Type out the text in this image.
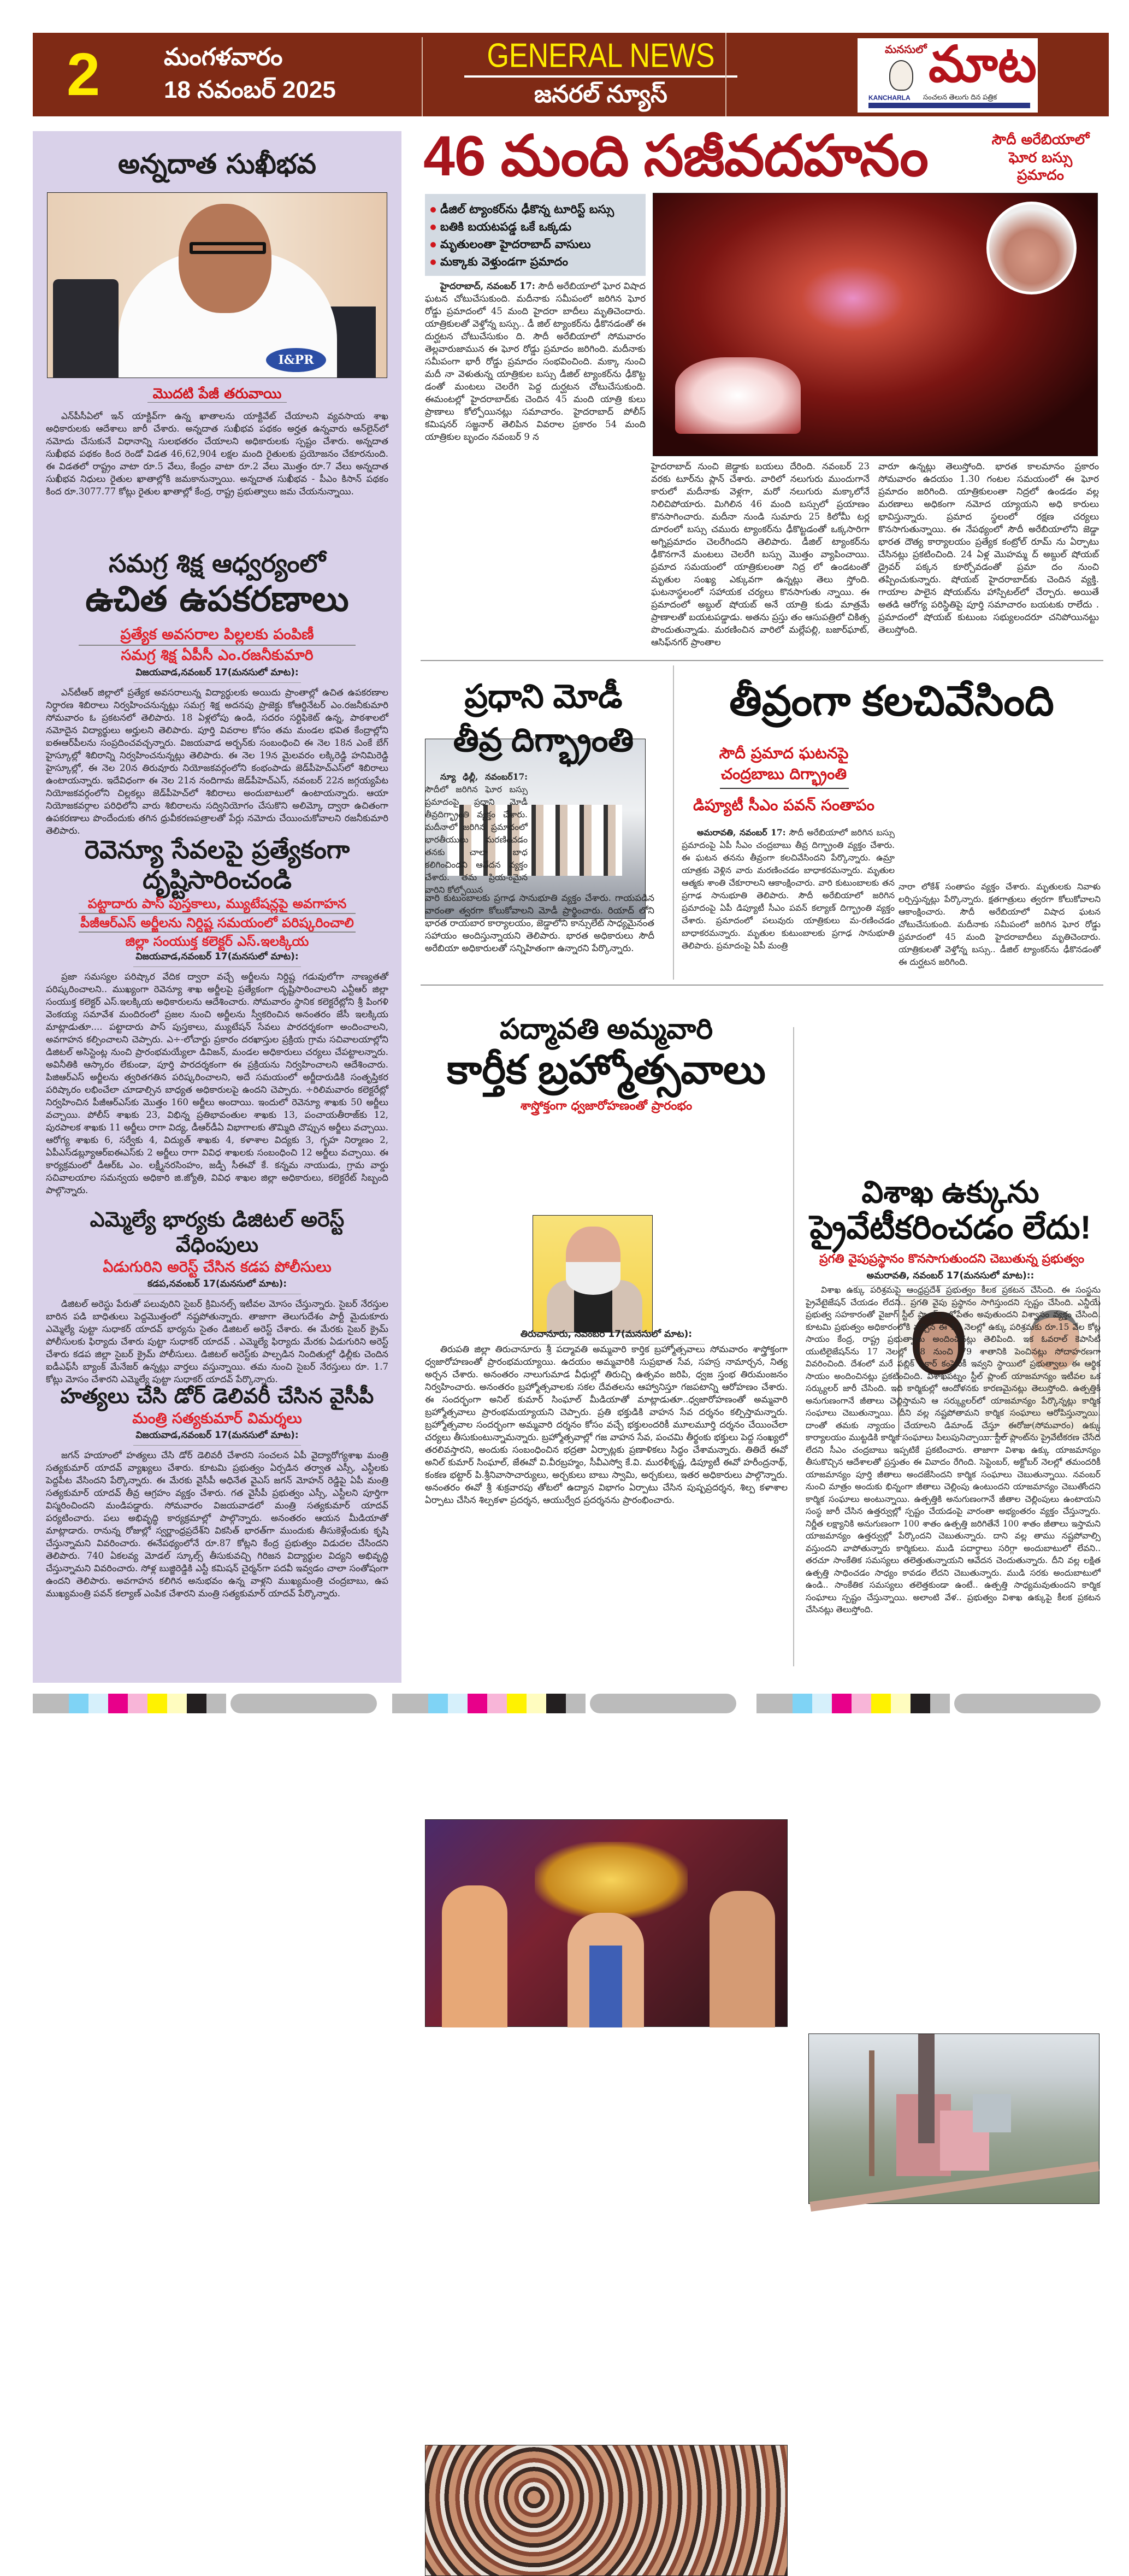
2	మంగళవారం
18 నవంబర్ 2025
GENERAL NEWS
జనరల్ న్యూస్
మనసులో మాట
KANCHARLA సంచలన తెలుగు దిన పత్రిక
అన్నదాత సుఖీభవ
I&PR
మొదటి పేజీ తరువాయి

ఎన్‌పీసీఏలో ఇన్ యాక్టివ్‌గా ఉన్న ఖాతాలను యాక్టివేట్ చేయాలని వ్యవసాయ శాఖ అధికారులకు ఆదేశాలు జారీ చేశారు. అన్నదాత సుఖీభవ పథకం అర్హత ఉన్నవారు ఆన్‌లైన్‌లో నమోదు చేసుకునే విధానాన్ని సులభతరం చేయాలని అధికారులకు స్పష్టం చేశారు. అన్నదాత సుఖీభవ పథకం కింద రెండో విడత 46,62,904 లక్షల మంది రైతులకు ప్రయోజనం చేకూరనుంది. ఈ విడతలో రాష్ట్రం వాటా రూ.5 వేలు, కేంద్రం వాటా రూ.2 వేలు మొత్తం రూ.7 వేలు అన్నదాత సుఖీభవ నిధులు రైతుల ఖాతాల్లోకి జమకానున్నాయి. అన్నదాత సుఖీభవ - పీఎం కిసాన్ పథకం కింద రూ.3077.77 కోట్లు రైతుల ఖాతాల్లో కేంద్ర, రాష్ట్ర ప్రభుత్వాలు జమ చేయనున్నాయి.

సమగ్ర శిక్ష ఆధ్వర్యంలో
ఉచిత ఉపకరణాలు
ప్రత్యేక అవసరాల పిల్లలకు పంపిణీ
సమగ్ర శిక్ష ఏపీసీ ఎం.రజనీకుమారి
విజయవాడ,నవంబర్ 17(మనసులో మాట):

ఎన్‌టీఆర్ జిల్లాలో ప్రత్యేక అవసరాలున్న విద్యార్థులకు అయిదు ప్రాంతాల్లో ఉచిత ఉపకరణాల నిర్ధారణ శిబిరాలు నిర్వహించనున్నట్లు సమగ్ర శిక్ష అదనపు ప్రాజెక్టు కోఆర్డినేటర్ ఎం.రజనీకుమారి సోమవారం ఓ ప్రకటనలో తెలిపారు. 18 ఏళ్లలోపు ఉండి, సదరం సర్టిఫికెట్ ఉన్న, పాఠశాలలో నమోదైన విద్యార్థులు అర్హులని తెలిపారు. పూర్తి వివరాల కోసం తమ మండల భవిత కేంద్రాల్లోని ఐఈఆర్‌పీలను సంప్రదించవచ్చన్నారు. విజయవాడ అర్బన్‌కు సంబంధించి ఈ నెల 18న ఎంకే బేగ్ హైస్కూల్లో శిబిరాన్ని నిర్వహించనున్నట్లు తెలిపారు. ఈ నెల 19న మైలవరం లక్కిరెడ్డి హనిమిరెడ్డి హైస్కూల్లో, ఈ నెల 20న తిరువూరు నియోజకవర్గంలోని కంభంపాడు జెడ్‌పీహెచ్‌ఎస్‌లో శిబిరాలు ఉంటాయన్నారు. ఇదేవిధంగా ఈ నెల 21న నందిగామ జెడ్‌పీహెచ్‌ఎస్, నవంబర్ 22న జగ్గయ్యపేట నియోజకవర్గంలోని చిల్లకల్లు జెడ్‌పీహెచ్‌లో శిబిరాలు అందుబాటులో ఉంటాయన్నారు. ఆయా నియోజకవర్గాల పరిధిలోని వారు శిబిరాలను సద్వినియోగం చేసుకొని అలిమ్కో ద్వారా ఉచితంగా ఉపకరణాలు పొందేందుకు తగిన ధ్రువీకరణపత్రాలతో పేర్లు నమోదు చేయించుకోవాలని రజనీకుమారి తెలిపారు.

రెవెన్యూ సేవలపై ప్రత్యేకంగా
దృష్టిసారించండి
పట్టాదారు పాస్ పుస్తకాలు, మ్యుటేషన్లపై అవగాహన
పీజీఆర్ఎస్ అర్జీలను నిర్దిష్ట సమయంలో పరిష్కరించాలి
జిల్లా సంయుక్త కలెక్టర్ ఎస్.ఇలక్కియ
విజయవాడ,నవంబర్ 17(మనసులో మాట):

ప్రజా సమస్యల పరిష్కార వేదిక ద్వారా వచ్చే అర్జీలను నిర్దిష్ట గడువులోగా నాణ్యతతో పరిష్కరించాలని.. ముఖ్యంగా రెవెన్యూ శాఖ అర్జీలపై ప్రత్యేకంగా దృష్టిసారించాలని ఎన్టీఆర్ జిల్లా సంయుక్త కలెక్టర్ ఎస్.ఇలక్కియ అధికారులను ఆదేశించారు. సోమవారం స్థానిక కలెక్టరేట్లోని శ్రీ పింగళి వెంకయ్య సమావేశ మందిరంలో ప్రజల నుంచి అర్జీలను స్వీకరించిన అనంతరం జేసీ ఇలక్కియ మాట్లాడుతూ.... పట్టాదారు పాస్ పుస్తకాలు, మ్యుటేషన్ సేవలు పారదర్శకంగా అందించాలని, అవగాహన కల్పించాలని చెప్పారు. ఎ÷-లోచార్టు ప్రకారం దరఖాస్తుల ప్రక్రియ గ్రామ సచివాలయాల్లోని డిజిటల్ అసిస్టెంట్ల నుంచి ప్రారంభమయ్యేలా డివిజన్, మండల అధికారులు చర్యలు చేపట్టాలన్నారు. అవినీతికి ఆస్కారం లేకుండా, పూర్తి పారదర్శకంగా ఈ ప్రక్రియను నిర్వహించాలని ఆదేశించారు. పిజిఆర్ఎస్ అర్జీలను త్వరితగతిన పరిష్కరించాలని, అదే సమయంలో అర్జీదారుడికి సంతృప్తికర పరిష్కారం లభించేలా చూడాల్సిన బాధ్యత అధికారులపై ఉందని చెప్పారు. ÷రిలిమవారం కలెక్టరేట్లో నిర్వహించిన పీజీఆర్ఎస్‌కు మొత్తం 160 అర్జీలు అందాయి. ఇందులో రెవెన్యూ శాఖకు 50 అర్జీలు వచ్చాయి. పోలీస్ శాఖకు 23, విభిన్న ప్రతిభావంతుల శాఖకు 13, పంచాయతీరాజ్‌కు 12, పురపాలక శాఖకు 11 అర్జీలు రాగా విద్య, డీఆర్‌డీఏ విభాగాలకు తొమ్మిది చొప్పున అర్జీలు వచ్చాయి. ఆరోగ్య శాఖకు 6, సర్వేకు 4, విద్యుత్ శాఖకు 4, కళాశాల విద్యకు 3, గృహ నిర్మాణం 2, ఏపీఎస్‌డబ్ల్యూఆర్‌ఐఈఎస్‌కు 2 అర్జీలు రాగా వివిధ శాఖలకు సంబంధించి 12 అర్జీలు వచ్చాయి. ఈ కార్యక్రమంలో డీఆర్ఓ ఎం. లక్ష్మీనరసింహం, జడ్పీ సీఈవో కే. కన్నమ నాయుడు, గ్రామ వార్డు సచివాలయాల సమన్వయ అధికారి జి.జ్యోతి, వివిధ శాఖల జిల్లా అధికారులు, కలెక్టరేట్ సిబ్బంది పాల్గొన్నారు.

ఎమ్మెల్యే భార్యకు డిజిటల్ అరెస్ట్ వేధింపులు
ఏడుగురిని అరెస్ట్ చేసిన కడప పోలీసులు
కడప,నవంబర్ 17(మనసులో మాట):

డిజిటల్ అరెస్టు పేరుతో పలువురిని సైబర్ క్రిమినల్స్ ఇటీవల మోసం చేస్తున్నారు. సైబర్ నేరస్తుల బారిన పడి బాధితులు పెద్దమొత్తంలో నష్టపోతున్నారు. తాజాగా తెలుగుదేశం పార్టీ మైదుకూరు ఎమ్మెల్యే పుట్టా సుధాకర్ యాదవ్ భార్యను సైతం డిజిటల్ అరెస్ట్ చేశారు. ఈ మేరకు సైబర్ క్రైమ్ పోలీసులకు ఫిర్యాదు చేశారు పుట్టా సుధాకర్ యాదవ్ . ఎమ్మెల్యే ఫిర్యాదు మేరకు ఏడుగురిని అరెస్ట్ చేశారు కడప జిల్లా సైబర్ క్రైమ్ పోలీసులు. డిజిటల్ అరెస్ట్‌కు పాల్పడిన నిందితుల్లో ఢిల్లీకు చెందిన ఐడీఎఫ్‌సీ బ్యాంక్ మేనేజర్ ఉన్నట్లు వార్తలు వస్తున్నాయి. తమ నుంచి సైబర్ నేరస్తులు రూ. 1.7 కోట్లు మోసం చేశారని ఎమ్మెల్యే పుట్టా సుధాకర్ యాదవ్ పేర్కొన్నారు.

హత్యలు చేసి డోర్ డెలివరీ చేసిన వైసీపీ
మంత్రి సత్యకుమార్ విమర్శలు
విజయవాడ,నవంబర్ 17(మనసులో మాట):

జగన్ హయాంలో హత్యలు చేసి డోర్ డెలివరీ చేశారని సంచలన ఏపీ వైద్యారోగ్యశాఖ మంత్రి సత్యకుమార్ యాదవ్ వ్యాఖ్యలు చేశారు. కూటమి ప్రభుత్వం ఏర్పడిన తర్వాత ఎస్సీ, ఎస్టీలకు పెద్దపీట వేసిందని పేర్కొన్నారు. ఈ మేరకు వైసీపీ అధినేత వైఎస్ జగన్ మోహన్ రెడ్డిపై ఏపీ మంత్రి సత్యకుమార్ యాదవ్ తీవ్ర ఆగ్రహం వ్యక్తం చేశారు. గత వైసీపీ ప్రభుత్వం ఎస్సీ, ఎస్టీలని పూర్తిగా విస్మరించిందని మండిపడ్డారు. సోమవారం విజయవాడలో మంత్రి సత్యకుమార్ యాదవ్ పర్యటించారు. పలు అభివృద్ధి కార్యక్రమాల్లో పాల్గొన్నారు. అనంతరం ఆయన మీడియాతో మాట్లాడారు. రానున్న రోజుల్లో స్వర్ణాంధ్రప్రదేశ్‌ని వికసిత్ భారత్‌గా ముందుకు తీసుకెళ్లేందుకు కృషి చేస్తున్నామని వివరించారు. ఈనేపథ్యంలోనే రూ.87 కోట్లని కేంద్ర ప్రభుత్వం విడుదల చేసిందని తెలిపారు. 740 ఏకలవ్య మోడల్ స్కూల్స్ తీసుకువచ్చి గిరిజన విద్యార్థుల విద్యని అభివృద్ధి చేస్తున్నామని వివరించారు. సోళ్ల బుజ్జిరెడ్డికి ఎస్టీ కమిషన్ చైర్మన్‌గా పదవీ ఇవ్వడం చాలా సంతోషంగా ఉందని తెలిపారు. అవగాహన కలిగిన అనుభవం ఉన్న వాళ్లని ముఖ్యమంత్రి చంద్రబాబు, ఉప ముఖ్యమంత్రి పవన్ కల్యాణ్ ఎంపిక చేశారని మంత్రి సత్యకుమార్ యాదవ్ పేర్కొన్నారు.

46 మంది సజీవదహనం	సౌదీ అరేబియాలో
ఘోర బస్సు
ప్రమాదం
డీజిల్ ట్యాంకర్‌ను ఢీకొన్న టూరిస్ట్ బస్సు
బతికి బయటపడ్డ ఒకే ఒక్కడు
మృతులంతా హైదరాబాద్ వాసులు
మక్కాకు వెళ్తుండగా ప్రమాదం

హైదరాబాద్, నవంబర్ 17: సౌదీ అరేబియాలో ఘోర విషాద ఘటన చోటుచేసుకుంది. మదీనాకు సమీపంలో జరిగిన ఘోర రోడ్డు ప్రమాదంలో 45 మంది హైదరా బాదీలు మృతిచెందారు. యాత్రికులతో వెళ్తోన్న బస్సు.. డీ జిల్ ట్యాంకర్‌ను ఢీకొనడంతో ఈ దుర్ఘటన చోటుచేసుకుం ది. సౌదీ అరేబియాలో సోమవారం తెల్లవారుజామున ఈ ఘోర రోడ్డు ప్రమాదం జరిగింది. మదీనాకు సమీపంగా భారీ రోడ్డు ప్రమాదం సంభవించింది. మక్కా నుంచి మదీ నా వెళుతున్న యాత్రికుల బస్సు డీజిల్ ట్యాంకర్‌ను ఢీకొట్ట డంతో మంటలు చెలరేగి పెద్ద దుర్ఘటన చోటుచేసుకుంది. ఈమంటల్లో హైదరాబాద్‌కు చెందిన 45 మంది యాత్రి కులు ప్రాణాలు కోల్పోయినట్లు సమాచారం. హైదరాబాద్ పోలీస్ కమిషనర్ సజ్జనార్ తెలిపిన వివరాల ప్రకారం 54 మంది యాత్రికుల బృందం నవంబర్ 9 న

హైదరాబాద్ నుంచి జెడ్డాకు బయలు దేరింది. నవంబర్ 23 వరకు టూర్‌ను ప్లాన్ చేశారు. వారిలో నలుగురు ముందుగానే కారులో మదీనాకు వెళ్లగా, మరో నలుగురు మక్కాలోనే నిలిచిపోయారు. మిగిలిన 46 మంది బస్సులో ప్రయాణం కొనసాగించారు. మదీనా నుండి సుమారు 25 కిలోమీ టర్ల దూరంలో బస్సు చమురు ట్యాంకర్‌ను ఢీకొట్టడంతో ఒక్కసారిగా అగ్నిప్రమాదం చెలరేగిందని తెలిపారు. డీజిల్ ట్యాంకర్‌ను ఢీకొనగానే మంటలు చెలరేగి బస్సు మొత్తం వ్యాపించాయి. ప్రమాద సమయంలో యాత్రికులంతా నిద్ర లో ఉండటంతో మృతుల సంఖ్య ఎక్కువగా ఉన్నట్లు తెలు స్తోంది. ఘటనాస్థలంలో సహాయక చర్యలు కొనసాగుతు న్నాయి. ఈ ప్రమాదంలో అబ్దుల్ షోయబ్ అనే యాత్రి కుడు మాత్రమే ప్రాణాలతో బయటపడ్డాడు. అతను ప్రస్తు తం ఆసుపత్రిలో చికిత్స పొందుతున్నాడు. మరణించిన వారిలో మల్లేపల్లి, బజార్‌ఘాట్, ఆసిఫ్‌నగర్ ప్రాంతాల

వారూ ఉన్నట్లు తెలుస్తోంది. భారత కాలమానం ప్రకారం సోమవారం ఉదయం 1.30 గంటల సమయంలో ఈ ఘోర ప్రమాదం జరిగింది. యాత్రికులంతా నిద్రలో ఉండడం వల్ల మరణాలు అధికంగా నమోద య్యాయని అధి కారులు భావిస్తున్నారు. ప్రమాద స్థలంలో రక్షణ చర్యలు కొనసాగుతున్నాయి. ఈ నేపథ్యంలో సౌదీ అరేబియాలోని జెడ్డా భారత దౌత్య కార్యాలయం ప్రత్యేక కంట్రోల్ రూమ్ ను ఏర్పాటు చేసినట్లు ప్రకటించింది. 24 ఏళ్ల మొహమ్మ ద్ అబ్దుల్ షోయబ్ డ్రైవర్ పక్కన కూర్చోవడంతో ప్రమా దం నుంచి తప్పించుకున్నారు. షోయబ్ హైదరాబాద్‌కు చెందిన వ్యక్తి. గాయాల పాలైన షోయబ్‌ను హాస్పిటల్‌లో చేర్చారు. అయితే అతడి ఆరోగ్య పరిస్థితిపై పూర్తి సమాచారం బయటకు రాలేదు . ప్రమాదంలో షోయబ్ కుటుంబ సభ్యులందరూ చనిపోయినట్టు తెలుస్తోంది.

ప్రధాని మోడీ
తీవ్ర దిగ్భ్రాంతి

న్యూ ఢిల్లీ, నవంబర్17: సౌదీలో జరిగిన ఘోర బస్సు ప్రమాదంపై ప్రధాని మోడీ తీవ్రదిగ్భ్రాంతి వ్యక్తం చేశారు. మదీనాలో జరిగిన ప్రమాదంలో భారతీయులు మరణించడం తనకు చాలా బాధ కలిగించిందని ఆవేదన వ్యక్తం చేశారు. తమ ప్రియ-ంమైన వారిని కోల్పోయిన

వారి కుటుంబాలకు ప్రగాఢ సానుభూతి వ్యక్తం చేశారు. గాయపడిన వారంతా త్వరగా కోలుకోవాలని మోడీ ప్రార్థించారు. రియాద్ లోని భారత రాయబార కార్యాలయం, జెడ్డాలోని కాన్సులేట్ సాధ్యమైనంత సహాయం అందిస్తున్నాయని తెలిపారు. భారత అధికారులు సౌదీ అరేబియా అధికారులతో సన్నిహితంగా ఉన్నారని పేర్కొన్నారు.

తీవ్రంగా కలచివేసింది
సౌదీ ప్రమాద ఘటనపై
చంద్రబాబు దిగ్భ్రాంతి
డిప్యూటీ సీఎం పవన్ సంతాపం

అమరావతి, నవంబర్ 17: సౌదీ అరేబియాలో జరిగిన బస్సు ప్రమాదంపై ఏపీ సీఎం చంద్రబాబు తీవ్ర దిగ్భ్రాంతి వ్యక్తం చేశారు. ఈ ఘటన తనను తీవ్రంగా కలచివేసిందని పేర్కొన్నారు. ఉమ్రా యాత్రకు వెళ్లిన వారు మరణించడం బాధాకరమన్నారు. మృతుల ఆత్మకు శాంతి చేకూరాలని ఆకాంక్షించారు. వారి కుటుంబాలకు తన ప్రగాఢ సానుభూతి తెలిపారు. సౌదీ అరేబియాలో జరిగిన ప్రమాదంపై ఏపీ డిప్యూటీ సీఎం పవన్ కల్యాణ్ దిగ్భ్రాంతి వ్యక్తం చేశారు. ప్రమాదంలో పలువురు యాత్రికులు మ-రణించడం బాధాకరమన్నారు. మృతుల కుటుంబాలకు ప్రగాఢ సానుభూతి తెలిపారు. ప్రమాదంపై ఏపీ మంత్రి

నారా లోకేశ్ సంతాపం వ్యక్తం చేశారు. మృతులకు నివాళు లర్పిస్తున్నట్లు పేర్కొన్నారు. క్షతగాత్రులు త్వరగా కోలుకోవాలని ఆకాంక్షించారు. సౌదీ అరేబియాలో విషాద ఘటన చోటుచేసుకుంది. మదీనాకు సమీపంలో జరిగిన ఘోర రోడ్డు ప్రమాదంలో 45 మంది హైదరాబాదీలు మృతిచెందారు. యాత్రికులతో వెళ్తోన్న బస్సు.. డీజిల్ ట్యాంకర్‌ను ఢీకొనడంతో ఈ దుర్ఘటన జరిగింది.

పద్మావతి అమ్మవారి
కార్తీక బ్రహ్మోత్సవాలు
శాస్త్రోక్తంగా ధ్వజారోహణంతో ప్రారంభం
తిరుచానూరు, నవంబర్ 17(మనసులో మాట):

తిరుపతి జిల్లా తిరుచానూరు శ్రీ పద్మావతి అమ్మవారి కార్తిక బ్రహ్మోత్సవాలు సోమవారం శాస్త్రోక్తంగా ధ్వజారోహణంతో ప్రారంభమయ్యాయి. ఉదయం అమ్మవారికి సుప్రభాత సేవ, సహస్ర నామార్చన, నిత్య అర్చన చేశారు. అనంతరం నాలుగుమాడ వీధుల్లో తిరుచ్చి ఉత్సవం జరిపి, ధ్వజ స్తంభ తిరుమంజనం నిర్వహించారు. అనంతరం బ్రహ్మోత్సవాలకు సకల దేవతలను ఆహ్వానిస్తూ గజపటాన్ని ఆరోహణం చేశారు. ఈ సందర్భంగా అనిల్ కుమార్ సింఘాల్ మీడియాతో మాట్లాడుతూ..ధ్వజారోహణంతో అమ్మవారి బ్రహ్మోత్సవాలు ప్రారంభమయ్యాయని చెప్పారు. ప్రతి భక్తుడికి వాహన సేవ దర్శనం కల్పిస్తామన్నారు. బ్రహ్మోత్సవాల సందర్భంగా అమ్మవారి దర్శనం కోసం వచ్చే భక్తులందరికీ మూలమూర్తి దర్శనం చేయించేలా చర్యలు తీసుకుంటున్నామన్నారు. బ్రహ్మోత్సవాల్లో గజ వాహన సేవ, పంచమి తీర్థంకు భక్తులు పెద్ద సంఖ్యలో తరలివస్తారని, అందుకు సంబంధించిన భద్రతా ఏర్పాట్లకు ప్రణాళికలు సిద్ధం చేశామన్నారు. తితిదే ఈవో అనిల్ కుమార్ సింఘాల్, జేఈవో వి.వీరబ్రహ్మం, సీవీఎస్వో కే.వి. మురళీకృష్ణ, డిప్యూటీ ఈవో హరీంద్రనాథ్, కంకణ భట్టార్ పి.శ్రీనివాసాచార్యులు, అర్చకులు బాబు స్వామి, అర్చకులు, ఇతర అధికారులు పాల్గొన్నారు. అనంతరం ఈవో శ్రీ శుక్రవారపు తోటలో ఉద్యాన విభాగం ఏర్పాటు చేసిన పుష్పప్రదర్శన, శిల్ప కళాశాల ఏర్పాటు చేసిన శిల్పకళా ప్రదర్శన, ఆయుర్వేద ప్రదర్శనను ప్రారంభించారు.

విశాఖ ఉక్కును
ప్రైవేటీకరించడం లేదు!
ప్రగతి వైపుప్రస్థానం కొనసాగుతుందని చెబుతున్న ప్రభుత్వం
అమరావతి, నవంబర్ 17(మనసులో మాట)::

విశాఖ ఉక్కు పరిశ్రమపై ఆంధ్రప్రదేశ్ ప్రభుత్వం కీలక ప్రకటన చేసింది. ఈ సంస్థను ప్రైవేటైజేషన్ చేయడం లేదని.. ప్రగతి వైపు ప్రస్థానం సాగిస్తుందని స్పష్టం చేసింది. ఎన్డీయే ప్రభుత్వ సహకారంతో వైజాగ్ స్టీల్ ప్లాంట్ బలోపేతం అవుతుందని విశ్వాసం వ్యక్తం చేసింది. కూటమి ప్రభుత్వం అధికారంలోకి వచ్చిన ఈ 17 నెలల్లో ఉక్కు పరిశ్రమకు రూ.15 వేల కోట్ల సాయం కేంద్ర, రాష్ట్ర ప్రభుత్వాలు అందించినట్లు తెలిపింది. ఇక ఓవరాల్ కెపాసిటీ యుటిలైజేషన్‌ను 17 నెలల్లో 48 నుంచి 79 శాతానికి పెంచినట్లు సోదాహరణగా వివరించింది. దేశంలో మరే పబ్లిక్ సెక్టార్ కంపెనీకీ ఇవ్వని స్థాయిలో ప్రభుత్వాలు ఈ ఆర్థిక సాయం అందించినట్లు ప్రకటించింది. విశాఖపట్నం స్టీల్ ప్లాంట్ యాజమాన్యం ఇటీవల ఒక సర్క్యులర్ జారీ చేసింది. ఇది కార్మికుల్లో ఆందోళనకు కారణమైనట్లు తెలుస్తోంది. ఉత్పత్తికి అనుగుణంగానే జీతాలు చెల్లిస్తామని ఆ సర్క్యులర్‌లో యాజమాన్యం పేర్కొన్నట్లు కార్మిక సంఘాలు చెబుతున్నాయి. దీని వల్ల నష్టపోతామని కార్మిక సంఘాలు ఆరోపిస్తున్నాయి. దాంతో తమకు న్యాయం చేయాలని డిమాండ్ చేస్తూ ఈరోజు(సోమవారం) ఉక్కు కార్యాలయం ముట్టడికి కార్మిక సంఘాలు పిలుపునిచ్చాయి. స్టీల్ ప్లాంట్‌ను ప్రైవేటీకరణ చేసేది లేదని సీఎం చంద్రబాబు ఇప్పటికే ప్రకటించారు. తాజాగా విశాఖ ఉక్కు యాజమాన్యం తీసుకొచ్చిన ఆదేశాలతో ప్రస్తుతం ఈ వివాదం రేగింది. సెప్టెంబర్, అక్టోబర్ నెలల్లో తమందరికీ యాజమాన్యం పూర్తి జీతాలు అందజేసిందని కార్మిక సంఘాలు చెబుతున్నాయి. నవంబర్ నుంచి మాత్రం అందుకు భిన్నంగా జీతాలు చెల్లింపు ఉంటుందని యాజమాన్యం చెబుతోందని కార్మిక సంఘాలు అంటున్నాయి. ఉత్పత్తికి అనుగుణంగానే జీతాల చెల్లింపులు ఉంటాయని సంస్థ జారీ చేసిన ఉత్తర్వుల్లో స్పష్టం చేయడంపై వారంతా అభ్యంతరం వ్యక్తం చేస్తున్నారు. నిర్ణీత లక్ష్యానికి అనుగుణంగా 100 శాతం ఉత్పత్తి జరిగితేనే 100 శాతం జీతాలు ఇస్తామని యాజమాన్యం ఉత్తర్వుల్లో పేర్కొందని చెబుతున్నారు. దాని వల్ల తాము నష్టపోవాల్సి వస్తుందని వాపోతున్నారు కార్మికులు. ముడి పదార్థాలు సరిగ్గా అందుబాటులో లేవని.. తరచూ సాంకేతిక సమస్యలు తలెత్తుతున్నాయని ఆవేదన చెందుతున్నారు. దీని వల్ల లక్షిత ఉత్పత్తి సాధించడం సాధ్యం కావడం లేదని చెబుతున్నారు. ముడి సరకు అందుబాటులో ఉండి.. సాంకేతిక సమస్యలు తలెత్తకుండా ఉంటే.. ఉత్పత్తి సాధ్యమవుతుందని కార్మిక సంఘాలు స్పష్టం చేస్తున్నాయి. అలాంటి వేళ.. ప్రభుత్వం విశాఖ ఉక్కుపై కీలక ప్రకటన చేసినట్లు తెలుస్తోంది.
